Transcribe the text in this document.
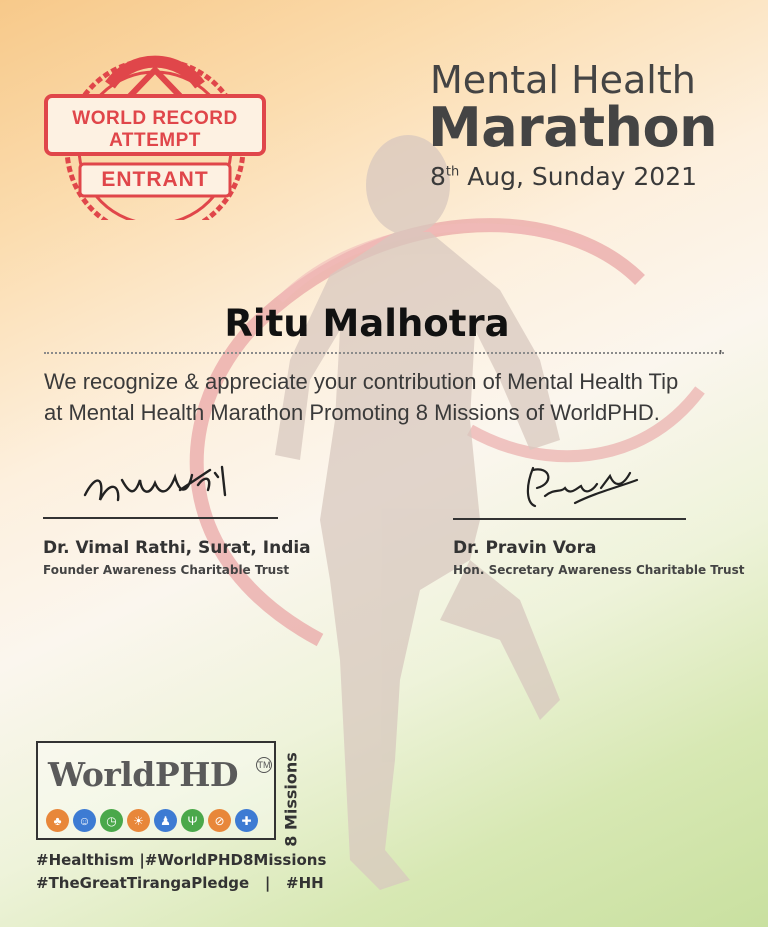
WORLD RECORD
ATTEMPT
ENTRANT
Mental Health
Marathon
8th Aug, Sunday 2021
Ritu Malhotra
,
We recognize & appreciate your contribution of Mental Health Tip
at Mental Health Marathon Promoting 8 Missions of WorldPHD.
Dr. Vimal Rathi, Surat, India
Founder Awareness Charitable Trust
Dr. Pravin Vora
Hon. Secretary Awareness Charitable Trust
WorldPHD TM
♣	☺	◷	☀	♟	Ψ	⊘	✚	8 Missions
#Healthism |#WorldPHD8Missions
#TheGreatTirangaPledge   |   #HH
